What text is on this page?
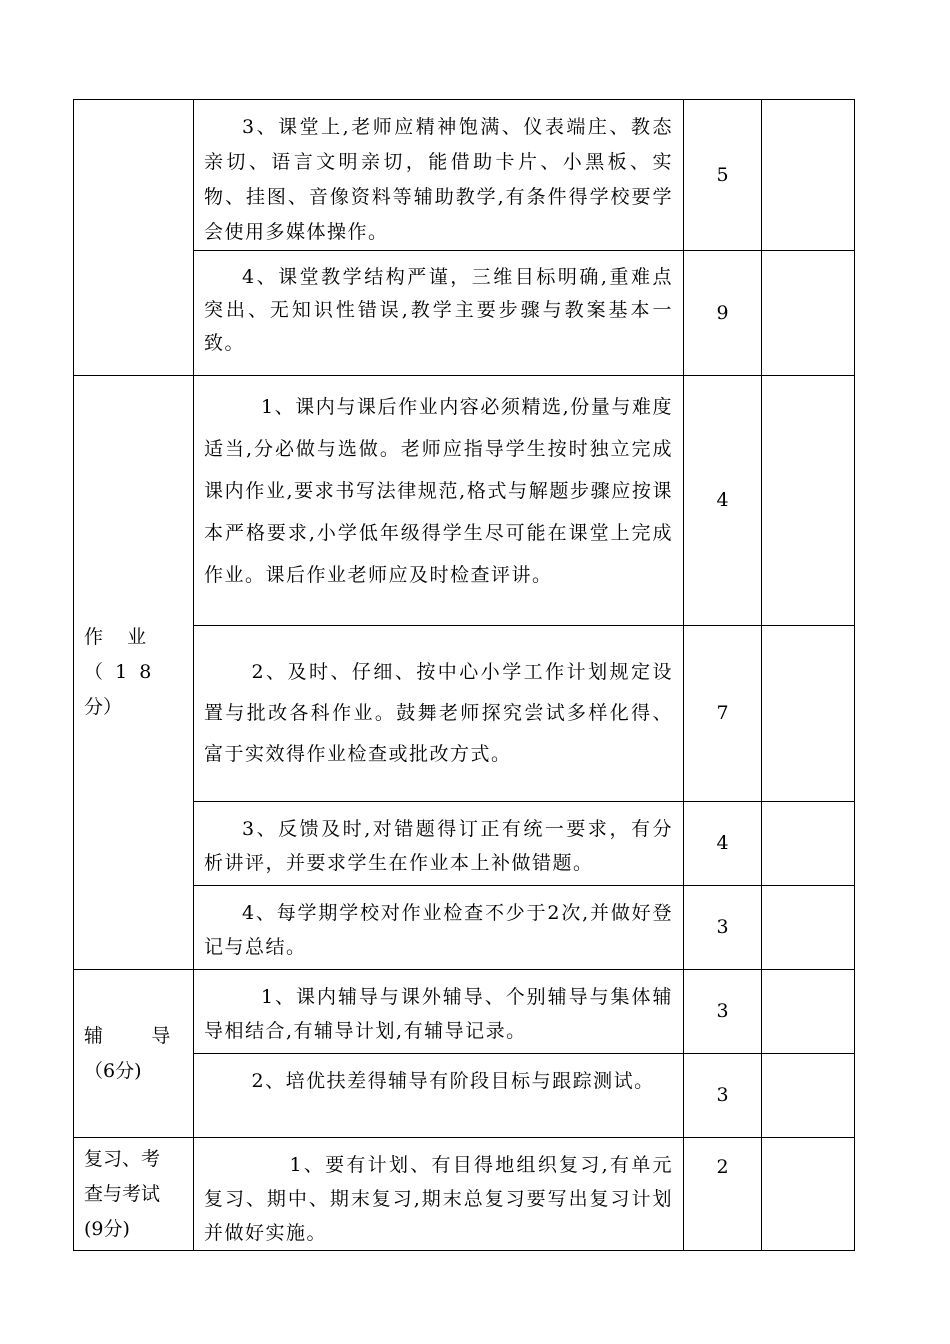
	3、课堂上,老师应精神饱满、仪表端庄、教态亲切、语言文明亲切，能借助卡片、小黑板、实物、挂图、音像资料等辅助教学,有条件得学校要学会使用多媒体操作。	5	
	4、课堂教学结构严谨，三维目标明确,重难点突出、无知识性错误,教学主要步骤与教案基本一致。	9	

作    业
（  1  8
分）	1、课内与课后作业内容必须精选,份量与难度适当,分必做与选做。老师应指导学生按时独立完成课内作业,要求书写法律规范,格式与解题步骤应按课本严格要求,小学低年级得学生尽可能在课堂上完成作业。课后作业老师应及时检查评讲。	4	
	2、及时、仔细、按中心小学工作计划规定设置与批改各科作业。鼓舞老师探究尝试多样化得、富于实效得作业检查或批改方式。	7	
	3、反馈及时,对错题得订正有统一要求，有分析讲评，并要求学生在作业本上补做错题。	4	
	4、每学期学校对作业检查不少于2次,并做好登记与总结。	3	

辅        导
（6分)	1、课内辅导与课外辅导、个别辅导与集体辅导相结合,有辅导计划,有辅导记录。	3	
	2、培优扶差得辅导有阶段目标与跟踪测试。	3	

复习、考
查与考试
(9分)	1、要有计划、有目得地组织复习,有单元复习、期中、期末复习,期末总复习要写出复习计划并做好实施。	2	
